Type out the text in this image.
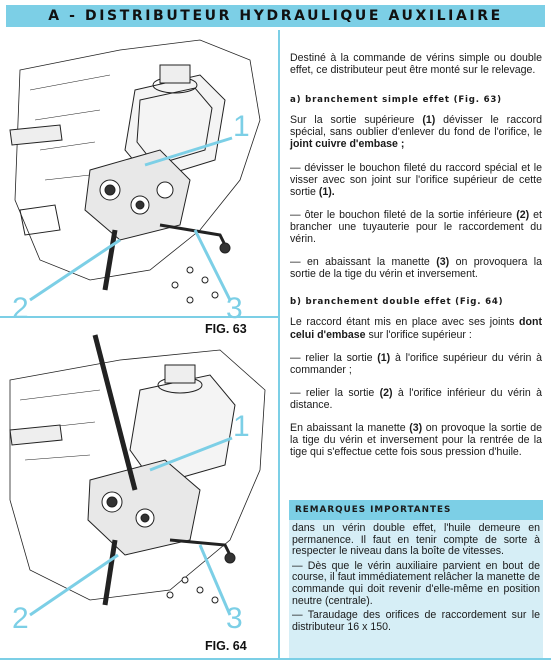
A - DISTRIBUTEUR HYDRAULIQUE AUXILIAIRE
1
2	3
FIG. 63
1
2	3
FIG. 64

Destiné à la commande de vérins simple ou double effet, ce distributeur peut être monté sur le relevage.

a) branchement simple effet (Fig. 63)

Sur la sortie supérieure (1) dévisser le raccord spécial, sans oublier d'enlever du fond de l'orifice, le joint cuivre d'embase ;

— dévisser le bouchon fileté du raccord spécial et le visser avec son joint sur l'orifice supérieur de cette sortie (1).

— ôter le bouchon fileté de la sortie inférieure (2) et brancher une tuyauterie pour le raccordement du vérin.

— en abaissant la manette (3) on provoquera la sortie de la tige du vérin et inversement.

b) branchement double effet (Fig. 64)

Le raccord étant mis en place avec ses joints dont celui d'embase sur l'orifice supérieur :

— relier la sortie (1) à l'orifice supérieur du vérin à commander ;

— relier la sortie (2) à l'orifice inférieur du vérin à distance.

En abaissant la manette (3) on provoque la sortie de la tige du vérin et inversement pour la rentrée de la tige qui s'effectue cette fois sous pression d'huile.

REMARQUES IMPORTANTES

dans un vérin double effet, l'huile demeure en permanence. Il faut en tenir compte de sorte à respecter le niveau dans la boîte de vitesses.

— Dès que le vérin auxiliaire parvient en bout de course, il faut immédiatement relâcher la manette de commande qui doit revenir d'elle-même en position neutre (centrale).

— Taraudage des orifices de raccordement sur le distributeur 16 x 150.
